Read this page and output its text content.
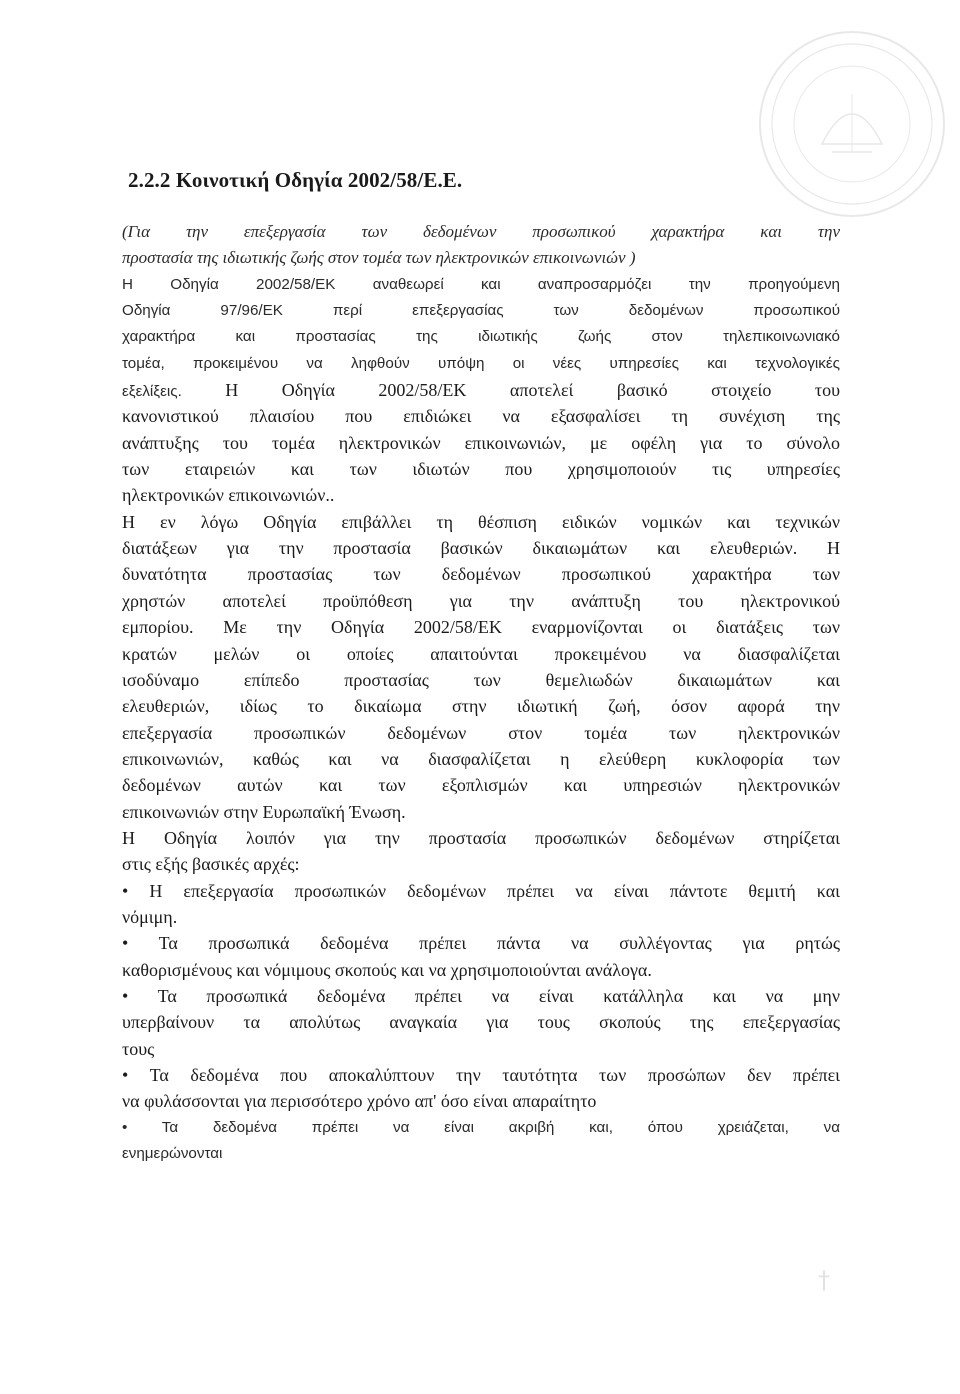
2.2.2 Κοινοτική Οδηγία 2002/58/Ε.Ε.
(Για την επεξεργασία των δεδομένων προσωπικού χαρακτήρα και την
προστασία της ιδιωτικής ζωής στον τομέα των ηλεκτρονικών επικοινωνιών )
Η Οδηγία 2002/58/ΕΚ αναθεωρεί και αναπροσαρμόζει την προηγούμενη
Οδηγία 97/96/ΕΚ περί επεξεργασίας των δεδομένων προσωπικού
χαρακτήρα και προστασίας της ιδιωτικής ζωής στον τηλεπικοινωνιακό
τομέα, προκειμένου να ληφθούν υπόψη οι νέες υπηρεσίες και τεχνολογικές
εξελίξεις. Η Οδηγία 2002/58/ΕΚ αποτελεί βασικό στοιχείο του
κανονιστικού πλαισίου που επιδιώκει να εξασφαλίσει τη συνέχιση της
ανάπτυξης του τομέα ηλεκτρονικών επικοινωνιών, με οφέλη για το σύνολο
των εταιρειών και των ιδιωτών που χρησιμοποιούν τις υπηρεσίες
ηλεκτρονικών επικοινωνιών..
Η εν λόγω Οδηγία επιβάλλει τη θέσπιση ειδικών νομικών και τεχνικών
διατάξεων για την προστασία βασικών δικαιωμάτων και ελευθεριών. Η
δυνατότητα προστασίας των δεδομένων προσωπικού χαρακτήρα των
χρηστών αποτελεί προϋπόθεση για την ανάπτυξη του ηλεκτρονικού
εμπορίου. Με την Οδηγία 2002/58/ΕΚ εναρμονίζονται οι διατάξεις των
κρατών μελών οι οποίες απαιτούνται προκειμένου να διασφαλίζεται
ισοδύναμο επίπεδο προστασίας των θεμελιωδών δικαιωμάτων και
ελευθεριών, ιδίως το δικαίωμα στην ιδιωτική ζωή, όσον αφορά την
επεξεργασία προσωπικών δεδομένων στον τομέα των ηλεκτρονικών
επικοινωνιών, καθώς και να διασφαλίζεται η ελεύθερη κυκλοφορία των
δεδομένων αυτών και των εξοπλισμών και υπηρεσιών ηλεκτρονικών
επικοινωνιών στην Ευρωπαϊκή Ένωση.
Η Οδηγία λοιπόν για την προστασία προσωπικών δεδομένων στηρίζεται
στις εξής βασικές αρχές:
• Η επεξεργασία προσωπικών δεδομένων πρέπει να είναι πάντοτε θεμιτή και
νόμιμη.
• Τα προσωπικά δεδομένα πρέπει πάντα να συλλέγοντας για ρητώς
καθορισμένους και νόμιμους σκοπούς και να χρησιμοποιούνται ανάλογα.
• Τα προσωπικά δεδομένα πρέπει να είναι κατάλληλα και να μην
υπερβαίνουν τα απολύτως αναγκαία για τους σκοπούς της επεξεργασίας
τους
• Τα δεδομένα που αποκαλύπτουν την ταυτότητα των προσώπων δεν πρέπει
να φυλάσσονται για περισσότερο χρόνο απ' όσο είναι απαραίτητο
• Τα δεδομένα πρέπει να είναι ακριβή και, όπου χρειάζεται, να
ενημερώνονται
†
